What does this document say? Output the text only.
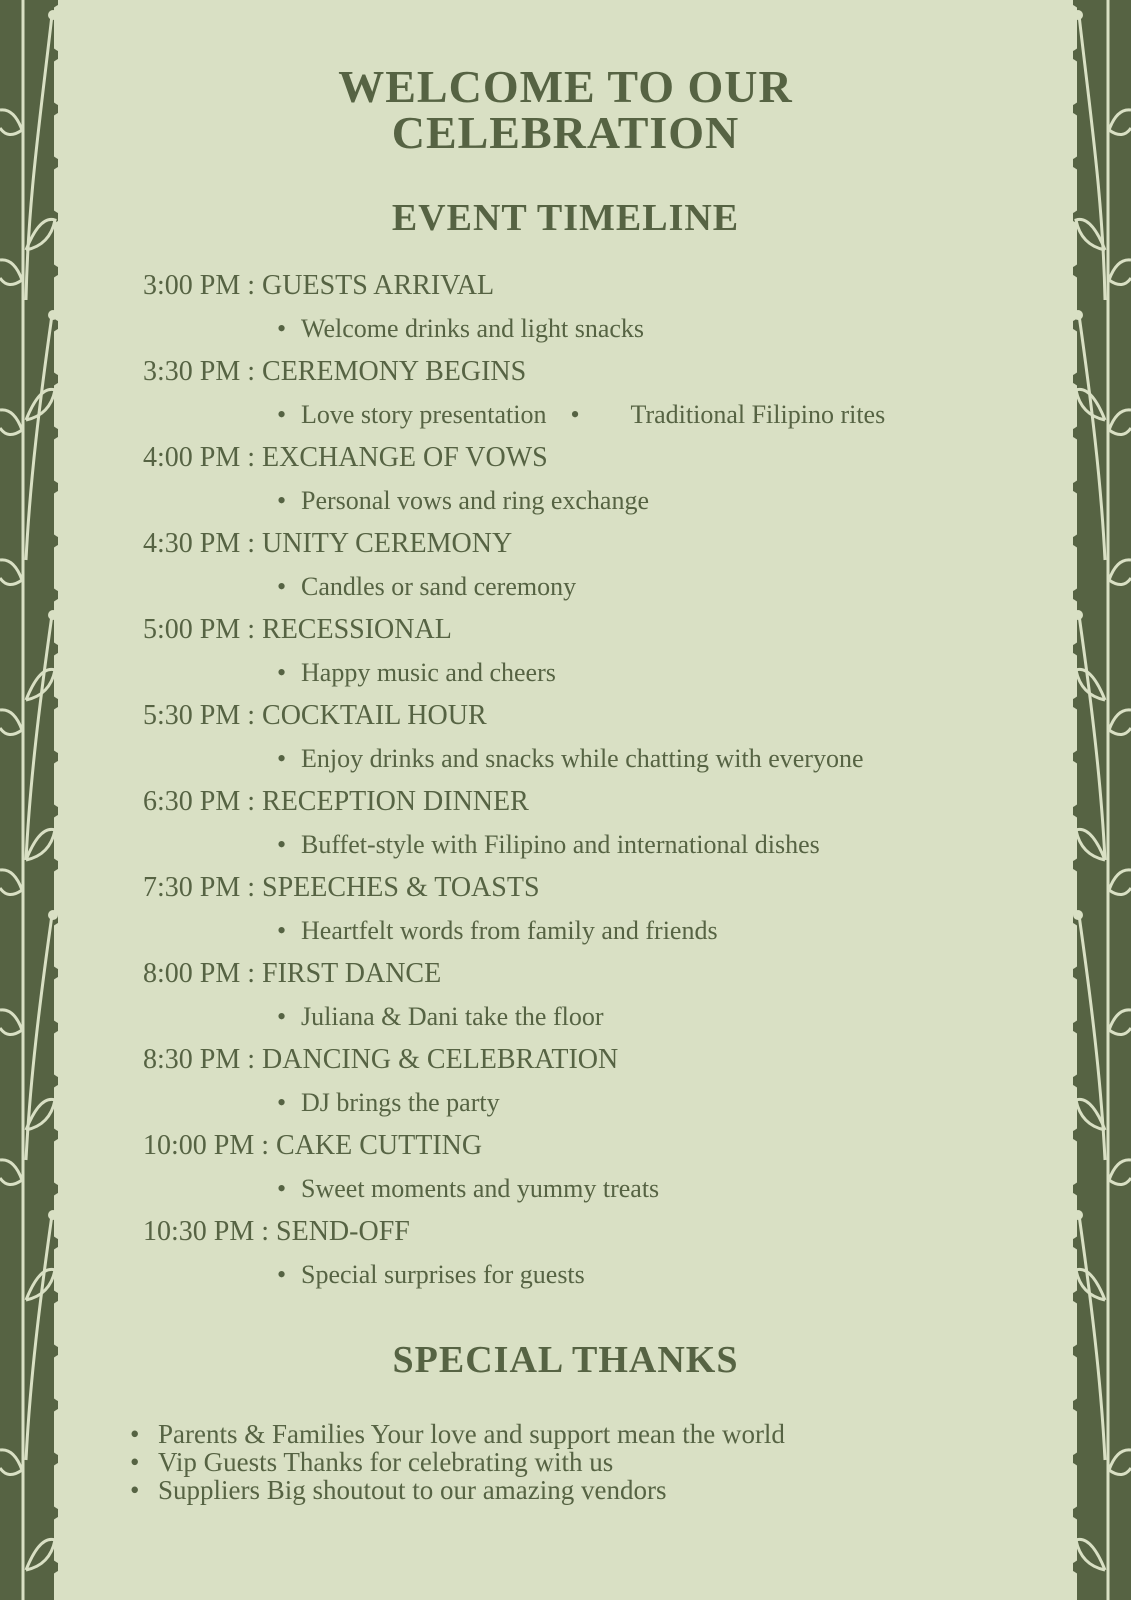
WELCOME TO OUR
CELEBRATION
EVENT TIMELINE
3:00 PM : GUESTS ARRIVAL
• Welcome drinks and light snacks
3:30 PM : CEREMONY BEGINS
• Love story presentation • Traditional Filipino rites
4:00 PM : EXCHANGE OF VOWS
• Personal vows and ring exchange
4:30 PM : UNITY CEREMONY
• Candles or sand ceremony
5:00 PM : RECESSIONAL
• Happy music and cheers
5:30 PM : COCKTAIL HOUR
• Enjoy drinks and snacks while chatting with everyone
6:30 PM : RECEPTION DINNER
• Buffet-style with Filipino and international dishes
7:30 PM : SPEECHES & TOASTS
• Heartfelt words from family and friends
8:00 PM : FIRST DANCE
• Juliana & Dani take the floor
8:30 PM : DANCING & CELEBRATION
• DJ brings the party
10:00 PM : CAKE CUTTING
• Sweet moments and yummy treats
10:30 PM : SEND-OFF
• Special surprises for guests
SPECIAL THANKS
• Parents & Families Your love and support mean the world
• Vip Guests Thanks for celebrating with us
• Suppliers Big shoutout to our amazing vendors
